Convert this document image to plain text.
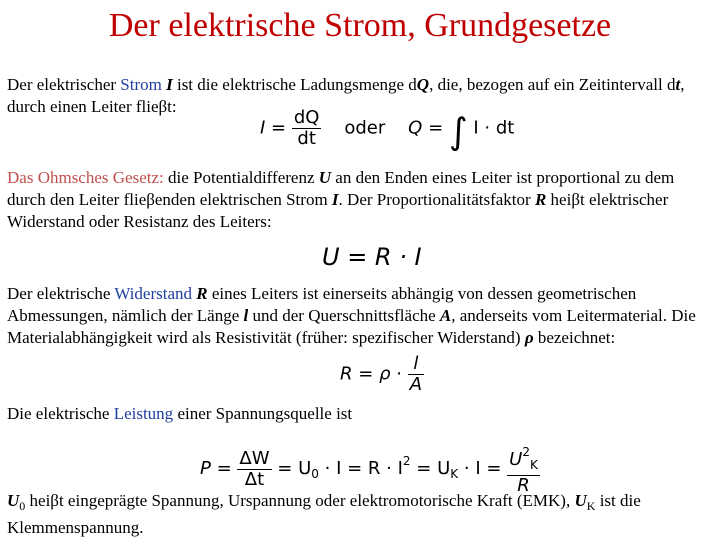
Der elektrische Strom, Grundgesetze
Der elektrischer Strom I ist die elektrische Ladungsmenge dQ, die, bezogen auf ein Zeitintervall dt, durch einen Leiter flieβt:
$I = \frac{dQ}{dt}$ oder Q = ∫ I · dt
Das Ohmsches Gesetz: die Potentialdifferenz U an den Enden eines Leiter ist proportional zu dem durch den Leiter flieβenden elektrischen Strom I. Der Proportionalitätsfaktor R heiβt elektrischer Widerstand oder Resistanz des Leiters:
U = R · I
Der elektrische Widerstand R eines Leiters ist einerseits abhängig von dessen geometrischen Abmessungen, nämlich der Länge l und der Querschnittsfläche A, anderseits vom Leitermaterial. Die Materialabhängigkeit wird als Resistivität (früher: spezifischer Widerstand) ρ bezeichnet:
$R = \rho \cdot \frac{l}{A}$
Die elektrische Leistung einer Spannungsquelle ist
$P = \frac{\Delta W}{\Delta t} = U_0 \cdot I = R \cdot I^2 = U_K \cdot I = \frac{U^2_K}{R}$
$U_0$ heiβt eingeprägte Spannung, Urspannung oder elektromotorische Kraft (EMK), $U_K$ ist die Klemmenspannung.
